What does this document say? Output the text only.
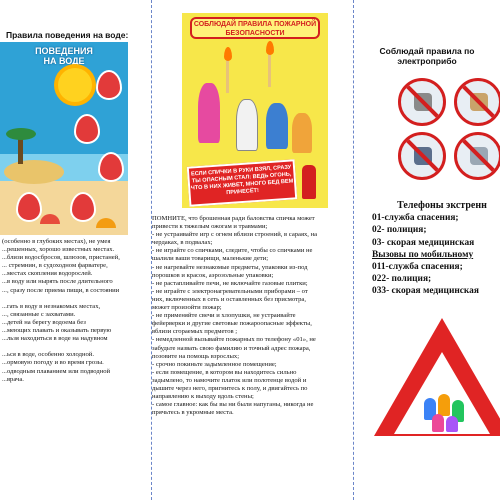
Правила поведения на воде:
ПОВЕДЕНИЯ
НА ВОДЕ
(особенно в глубоких местах), не умея
...решенных, хорошо известных местах.
...близи водосбросов, шлюзов, пристаней,
... стремнин, в судоходном фарватере,
...местах скопления водорослей.
...в воду или нырять после длительного
..., сразу после приема пищи, в состоянии

...гать в воду в незнакомых местах,
..., связанные с захватами.
...детей на берегу водоема без
...меющих плавать и оказывать первую
...льзя находиться в воде на надувном

...ься в воде, особенно холодной.
...ормовую погоду и во время грозы.
...одводным плаванием или подводной
...врача.
СОБЛЮДАЙ ПРАВИЛА ПОЖАРНОЙ БЕЗОПАСНОСТИ
ЕСЛИ СПИЧКИ В РУКИ ВЗЯЛ, СРАЗУ ТЫ ОПАСНЫМ СТАЛ: ВЕДЬ ОГОНЬ, ЧТО В НИХ ЖИВЕТ, МНОГО БЕД ВЕМ ПРИНЕСЁТ!
ПОМНИТЕ, что брошенная ради баловства спичка может
привести к тяжелым ожогам и травмами;
- не устраивайте игр с огнем вблизи строений, в сараях, на
чердаках, в подвалах;
- не играйте со спичками, следите, чтобы со спичками не
шалили ваши товарищи, маленькие дети;
- не нагревайте незнакомые предметы, упаковки из-под
порошков и красок, аэрозольные упаковки;
- не растапливайте печи, не включайте газовые плитки;
- не играйте с электронагревательными приборами – от
них, включенных в сеть и оставленных без присмотра,
может произойти пожар;
- не применяйте свечи и хлопушки, не устраивайте
фейерверки и другие световые пожароопасные эффекты,
вблизи сгораемых предметов ;
- немедленной вызывайте пожарных по телефону «01», не
забудьте назвать свою фамилию и точный адрес пожара,
позовите на помощь взрослых;
- срочно покиньте задымленное помещение;
- если помещение, в котором вы находитесь сильно
задымлено, то намочите платок или полотенце водой и
дышите через него, пригнитесь к полу, и двигайтесь по
направлению к выходу вдоль стены;
- самое главное: как бы вы ни были напуганы, никогда не
прячьтесь в укромные места.
Соблюдай правила по
электроприбо
Телефоны экстренн
01-служба спасения;
02- полиция;
03- скорая медицинская
Вызовы по мобильному
011-служба спасения;
022- полиция;
033- скорая медицинская
БЕЗОПАСНОЕ
